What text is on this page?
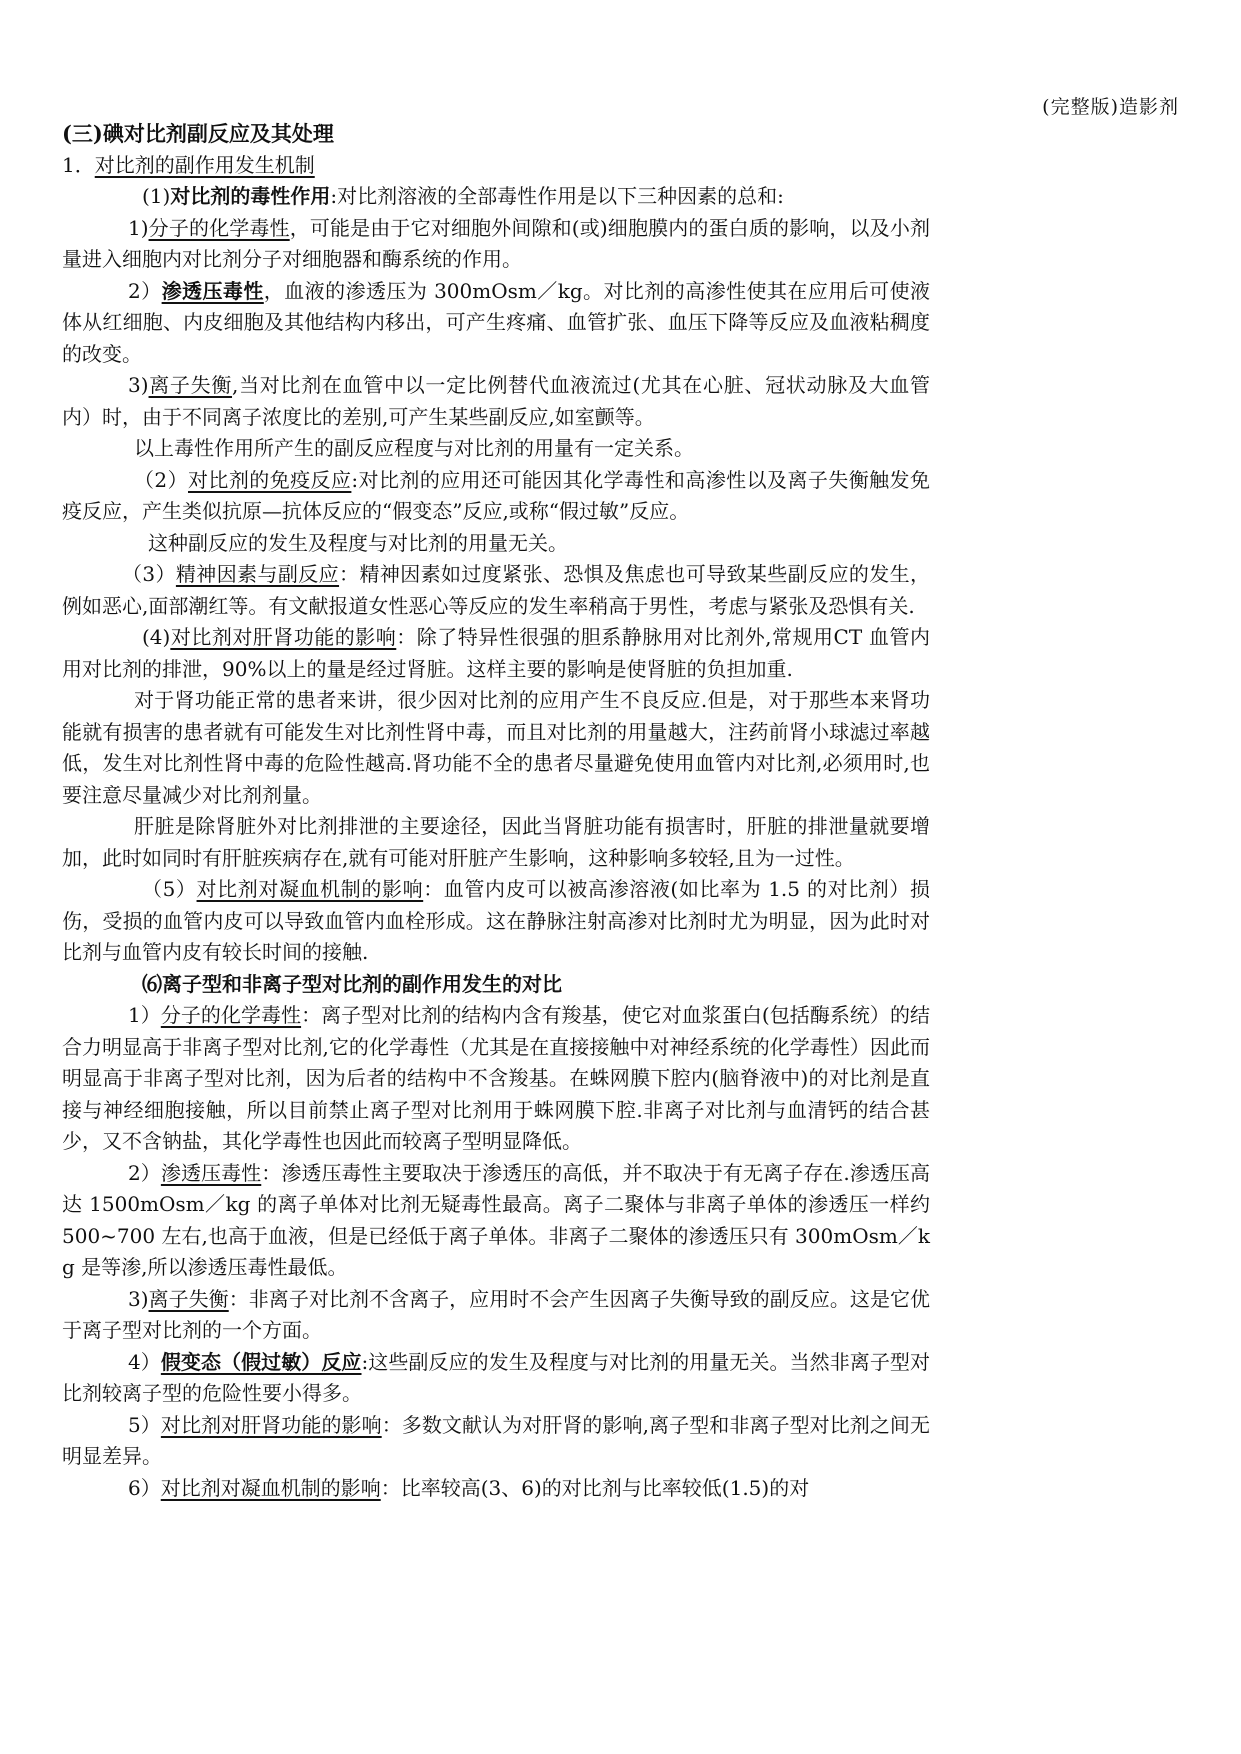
(完整版)造影剂

(三)碘对比剂副反应及其处理

1．对比剂的副作用发生机制

(1)对比剂的毒性作用:对比剂溶液的全部毒性作用是以下三种因素的总和:

1)分子的化学毒性，可能是由于它对细胞外间隙和(或)细胞膜内的蛋白质的影响，以及小剂量进入细胞内对比剂分子对细胞器和酶系统的作用。

2）渗透压毒性，血液的渗透压为 300mOsm／kg。对比剂的高渗性使其在应用后可使液体从红细胞、内皮细胞及其他结构内移出，可产生疼痛、血管扩张、血压下降等反应及血液粘稠度的改变。

3)离子失衡,当对比剂在血管中以一定比例替代血液流过(尤其在心脏、冠状动脉及大血管内）时，由于不同离子浓度比的差别,可产生某些副反应,如室颤等。

以上毒性作用所产生的副反应程度与对比剂的用量有一定关系。

（2）对比剂的免疫反应:对比剂的应用还可能因其化学毒性和高渗性以及离子失衡触发免疫反应，产生类似抗原—抗体反应的“假变态”反应,或称“假过敏”反应。

这种副反应的发生及程度与对比剂的用量无关。

（3）精神因素与副反应：精神因素如过度紧张、恐惧及焦虑也可导致某些副反应的发生，例如恶心,面部潮红等。有文献报道女性恶心等反应的发生率稍高于男性，考虑与紧张及恐惧有关.

(4)对比剂对肝肾功能的影响：除了特异性很强的胆系静脉用对比剂外,常规用CT 血管内用对比剂的排泄，90%以上的量是经过肾脏。这样主要的影响是使肾脏的负担加重.

对于肾功能正常的患者来讲，很少因对比剂的应用产生不良反应.但是，对于那些本来肾功能就有损害的患者就有可能发生对比剂性肾中毒，而且对比剂的用量越大，注药前肾小球滤过率越低，发生对比剂性肾中毒的危险性越高.肾功能不全的患者尽量避免使用血管内对比剂,必须用时,也要注意尽量减少对比剂剂量。

肝脏是除肾脏外对比剂排泄的主要途径，因此当肾脏功能有损害时，肝脏的排泄量就要增加，此时如同时有肝脏疾病存在,就有可能对肝脏产生影响，这种影响多较轻,且为一过性。

（5）对比剂对凝血机制的影响：血管内皮可以被高渗溶液(如比率为 1.5 的对比剂）损伤，受损的血管内皮可以导致血管内血栓形成。这在静脉注射高渗对比剂时尤为明显，因为此时对比剂与血管内皮有较长时间的接触.

⑹离子型和非离子型对比剂的副作用发生的对比

1）分子的化学毒性：离子型对比剂的结构内含有羧基，使它对血浆蛋白(包括酶系统）的结合力明显高于非离子型对比剂,它的化学毒性（尤其是在直接接触中对神经系统的化学毒性）因此而明显高于非离子型对比剂，因为后者的结构中不含羧基。在蛛网膜下腔内(脑脊液中)的对比剂是直接与神经细胞接触，所以目前禁止离子型对比剂用于蛛网膜下腔.非离子对比剂与血清钙的结合甚少，又不含钠盐，其化学毒性也因此而较离子型明显降低。

2）渗透压毒性：渗透压毒性主要取决于渗透压的高低，并不取决于有无离子存在.渗透压高达 1500mOsm／kg 的离子单体对比剂无疑毒性最高。离子二聚体与非离子单体的渗透压一样约 500~700 左右,也高于血液，但是已经低于离子单体。非离子二聚体的渗透压只有 300mOsm／kg 是等渗,所以渗透压毒性最低。

3)离子失衡：非离子对比剂不含离子，应用时不会产生因离子失衡导致的副反应。这是它优于离子型对比剂的一个方面。

4）假变态（假过敏）反应:这些副反应的发生及程度与对比剂的用量无关。当然非离子型对比剂较离子型的危险性要小得多。

5）对比剂对肝肾功能的影响：多数文献认为对肝肾的影响,离子型和非离子型对比剂之间无明显差异。

6）对比剂对凝血机制的影响：比率较高(3、6)的对比剂与比率较低(1.5)的对
